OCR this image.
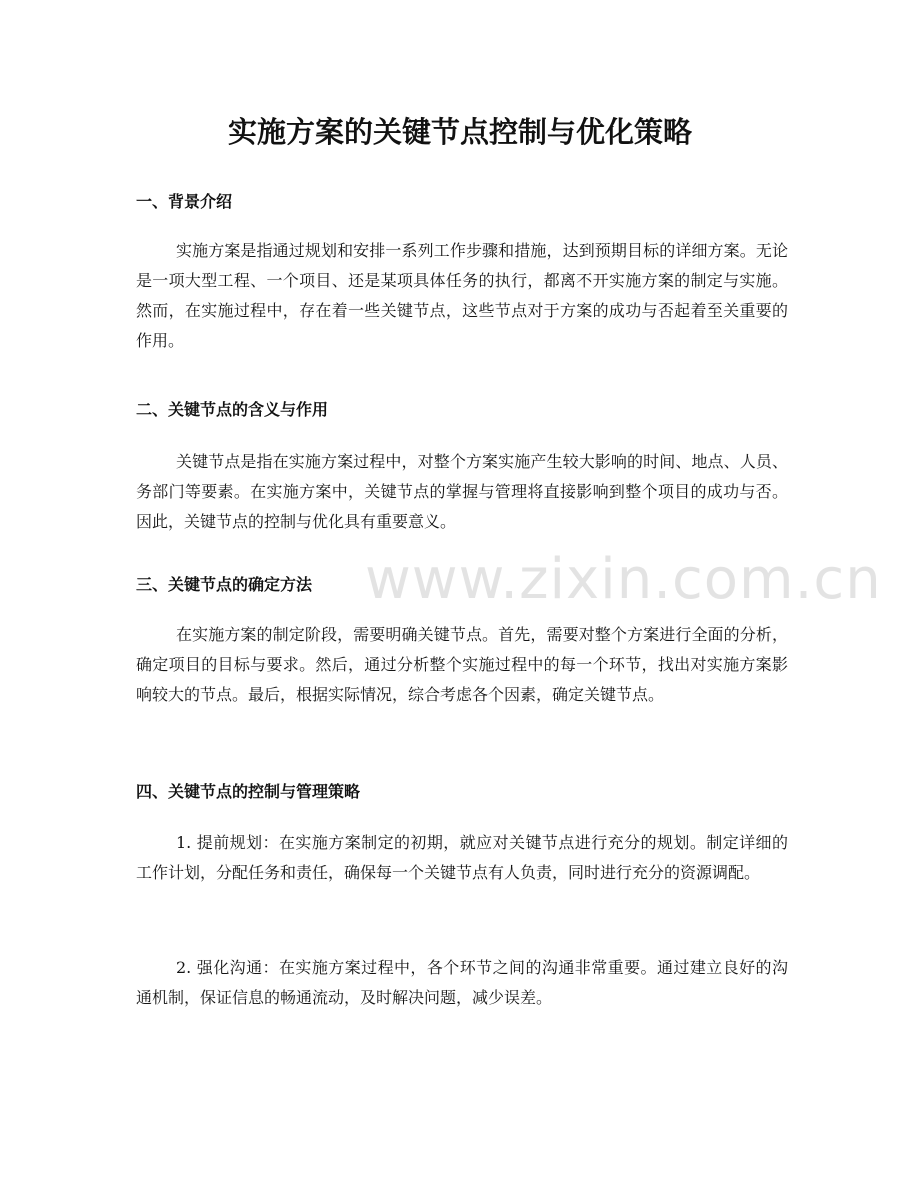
实施方案的关键节点控制与优化策略
一、背景介绍

实施方案是指通过规划和安排一系列工作步骤和措施，达到预期目标的详细方案。无论是一项大型工程、一个项目、还是某项具体任务的执行，都离不开实施方案的制定与实施。然而，在实施过程中，存在着一些关键节点，这些节点对于方案的成功与否起着至关重要的作用。

二、关键节点的含义与作用

关键节点是指在实施方案过程中，对整个方案实施产生较大影响的时间、地点、人员、务部门等要素。在实施方案中，关键节点的掌握与管理将直接影响到整个项目的成功与否。因此，关键节点的控制与优化具有重要意义。

三、关键节点的确定方法

在实施方案的制定阶段，需要明确关键节点。首先，需要对整个方案进行全面的分析，确定项目的目标与要求。然后，通过分析整个实施过程中的每一个环节，找出对实施方案影响较大的节点。最后，根据实际情况，综合考虑各个因素，确定关键节点。

四、关键节点的控制与管理策略

1. 提前规划：在实施方案制定的初期，就应对关键节点进行充分的规划。制定详细的工作计划，分配任务和责任，确保每一个关键节点有人负责，同时进行充分的资源调配。

2. 强化沟通：在实施方案过程中，各个环节之间的沟通非常重要。通过建立良好的沟通机制，保证信息的畅通流动，及时解决问题，减少误差。

www.zixin.com.cn
